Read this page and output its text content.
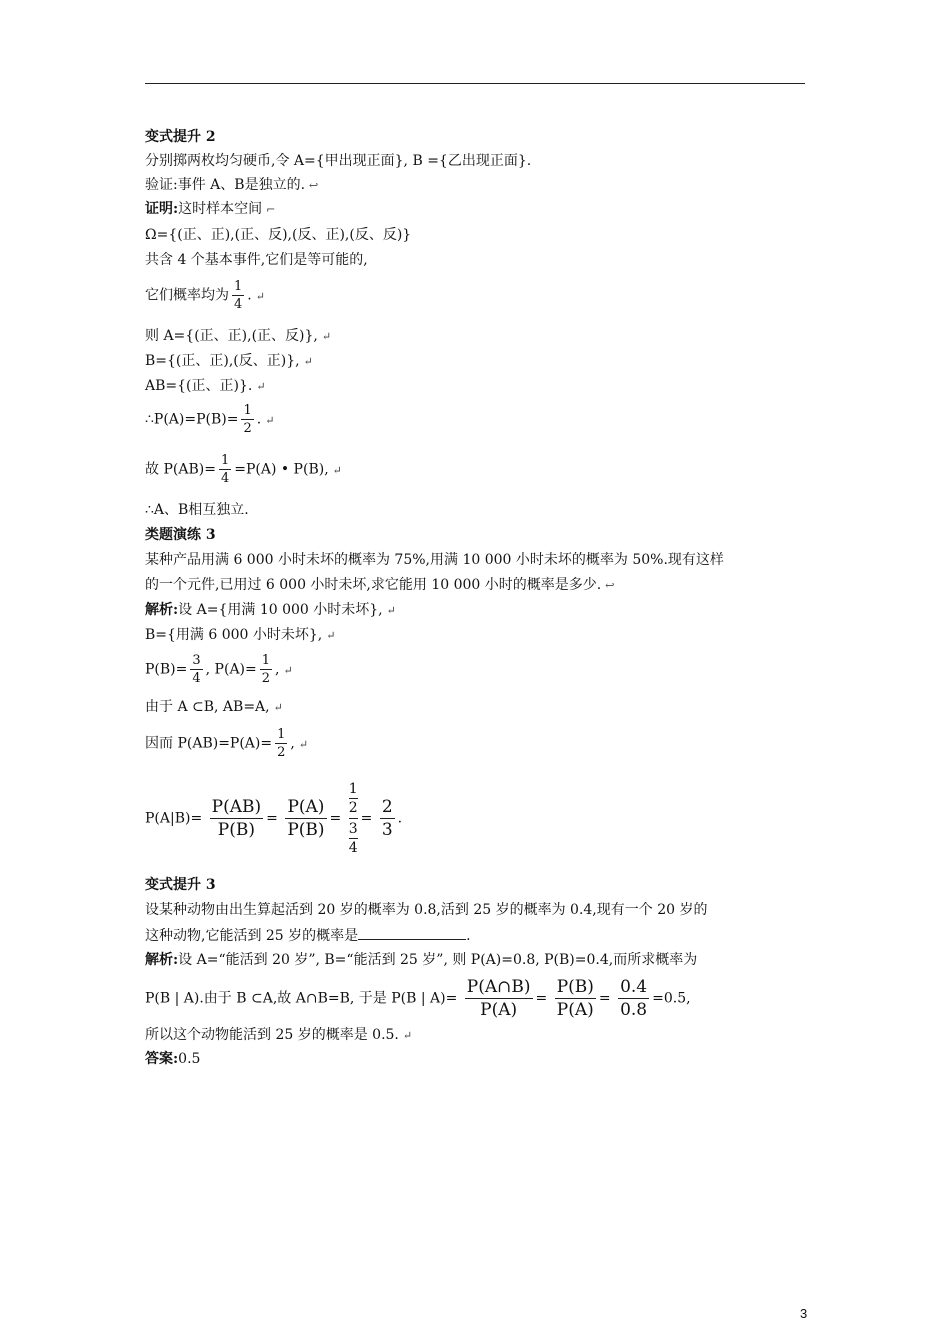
变式提升 2
分别掷两枚均匀硬币,令 A={甲出现正面}, B ={乙出现正面}.
验证:事件 A、B是独立的. ↩
证明:这时样本空间 ⌐
Ω={(正、正),(正、反),(反、正),(反、反)}
共含 4 个基本事件,它们是等可能的,
它们概率均为 $\frac{1}{4}$ . ↵
则 A={(正、正),(正、反)}, ↵
B={(正、正),(反、正)}, ↵
AB={(正、正)}. ↵
∴P(A)=P(B)= $\frac{1}{2}$ . ↵
故 $P(AB)= \frac{1}{4} =P(A)$ • P(B), ↵
∴A、B相互独立.
类题演练 3
某种产品用满 6 000 小时未坏的概率为 75%,用满 10 000 小时未坏的概率为 50%.现有这样
的一个元件,已用过 6 000 小时未坏,求它能用 10 000 小时的概率是多少. ↩
解析:设 A={用满 10 000 小时未坏}, ↵
B={用满 6 000 小时未坏}, ↵
$P(B)= \frac{3}{4}$ , $P(A)= \frac{1}{2}$ , ↵
由于 A ⊂B, AB=A, ↵
因而 $P(AB)=P(A)= \frac{1}{2}$ , ↵
$P(A|B)= \frac{P(AB)}{P(B)} = \frac{P(A)}{P(B)}$ =
1
2
3
4
= $\frac{2}{3}$ .
变式提升 3
设某种动物由出生算起活到 20 岁的概率为 0.8,活到 25 岁的概率为 0.4,现有一个 20 岁的
这种动物,它能活到 25 岁的概率是	.
解析:设 A=“能活到 20 岁”, B=“能活到 25 岁”, 则 P(A)=0.8, P(B)=0.4,而所求概率为
P(B | A).由于 B ⊂A,故 A∩B=B, 于是 P(B | $A)= \frac{P(A\cap B)}{P(A)} = \frac{P(B)}{P(A)} = \frac{0.4}{0.8} =0.5$,
所以这个动物能活到 25 岁的概率是 0.5. ↵
答案:0.5
3
